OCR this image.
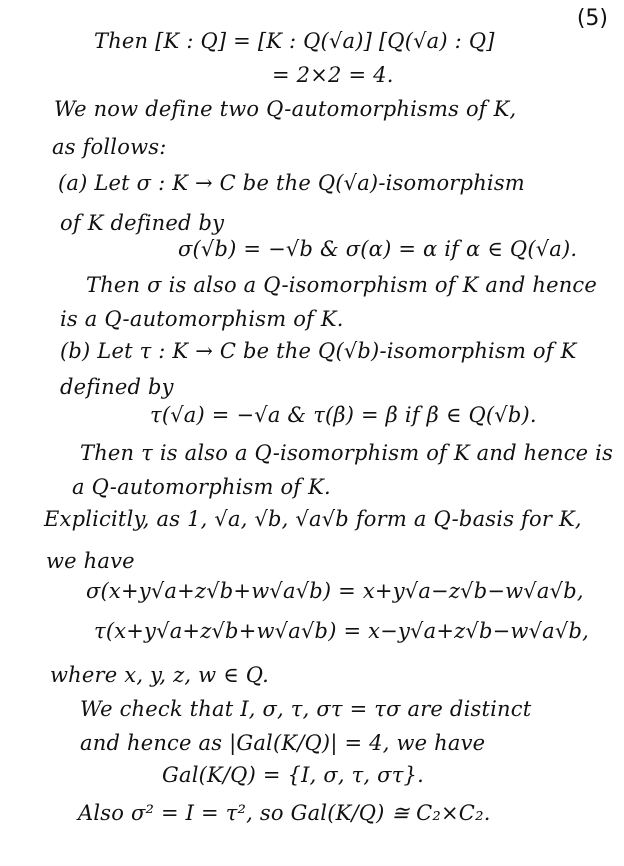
(5)
Then [K : Q] = [K : Q(√a)] [Q(√a) : Q]
= 2×2 = 4.
We now define two Q-automorphisms of K,
as follows:
(a) Let σ : K → C be the Q(√a)-isomorphism
of K defined by
σ(√b) = −√b & σ(α) = α if α ∈ Q(√a).
Then σ is also a Q-isomorphism of K and hence
is a Q-automorphism of K.
(b) Let τ : K → C be the Q(√b)-isomorphism of K
defined by
τ(√a) = −√a & τ(β) = β if β ∈ Q(√b).
Then τ is also a Q-isomorphism of K and hence is
a Q-automorphism of K.
Explicitly, as 1, √a, √b, √a√b form a Q-basis for K,
we have
σ(x+y√a+z√b+w√a√b) = x+y√a−z√b−w√a√b,
τ(x+y√a+z√b+w√a√b) = x−y√a+z√b−w√a√b,
where x, y, z, w ∈ Q.
We check that I, σ, τ, στ = τσ are distinct
and hence as |Gal(K/Q)| = 4, we have
Gal(K/Q) = {I, σ, τ, στ}.
Also σ² = I = τ², so Gal(K/Q) ≅ C₂×C₂.
